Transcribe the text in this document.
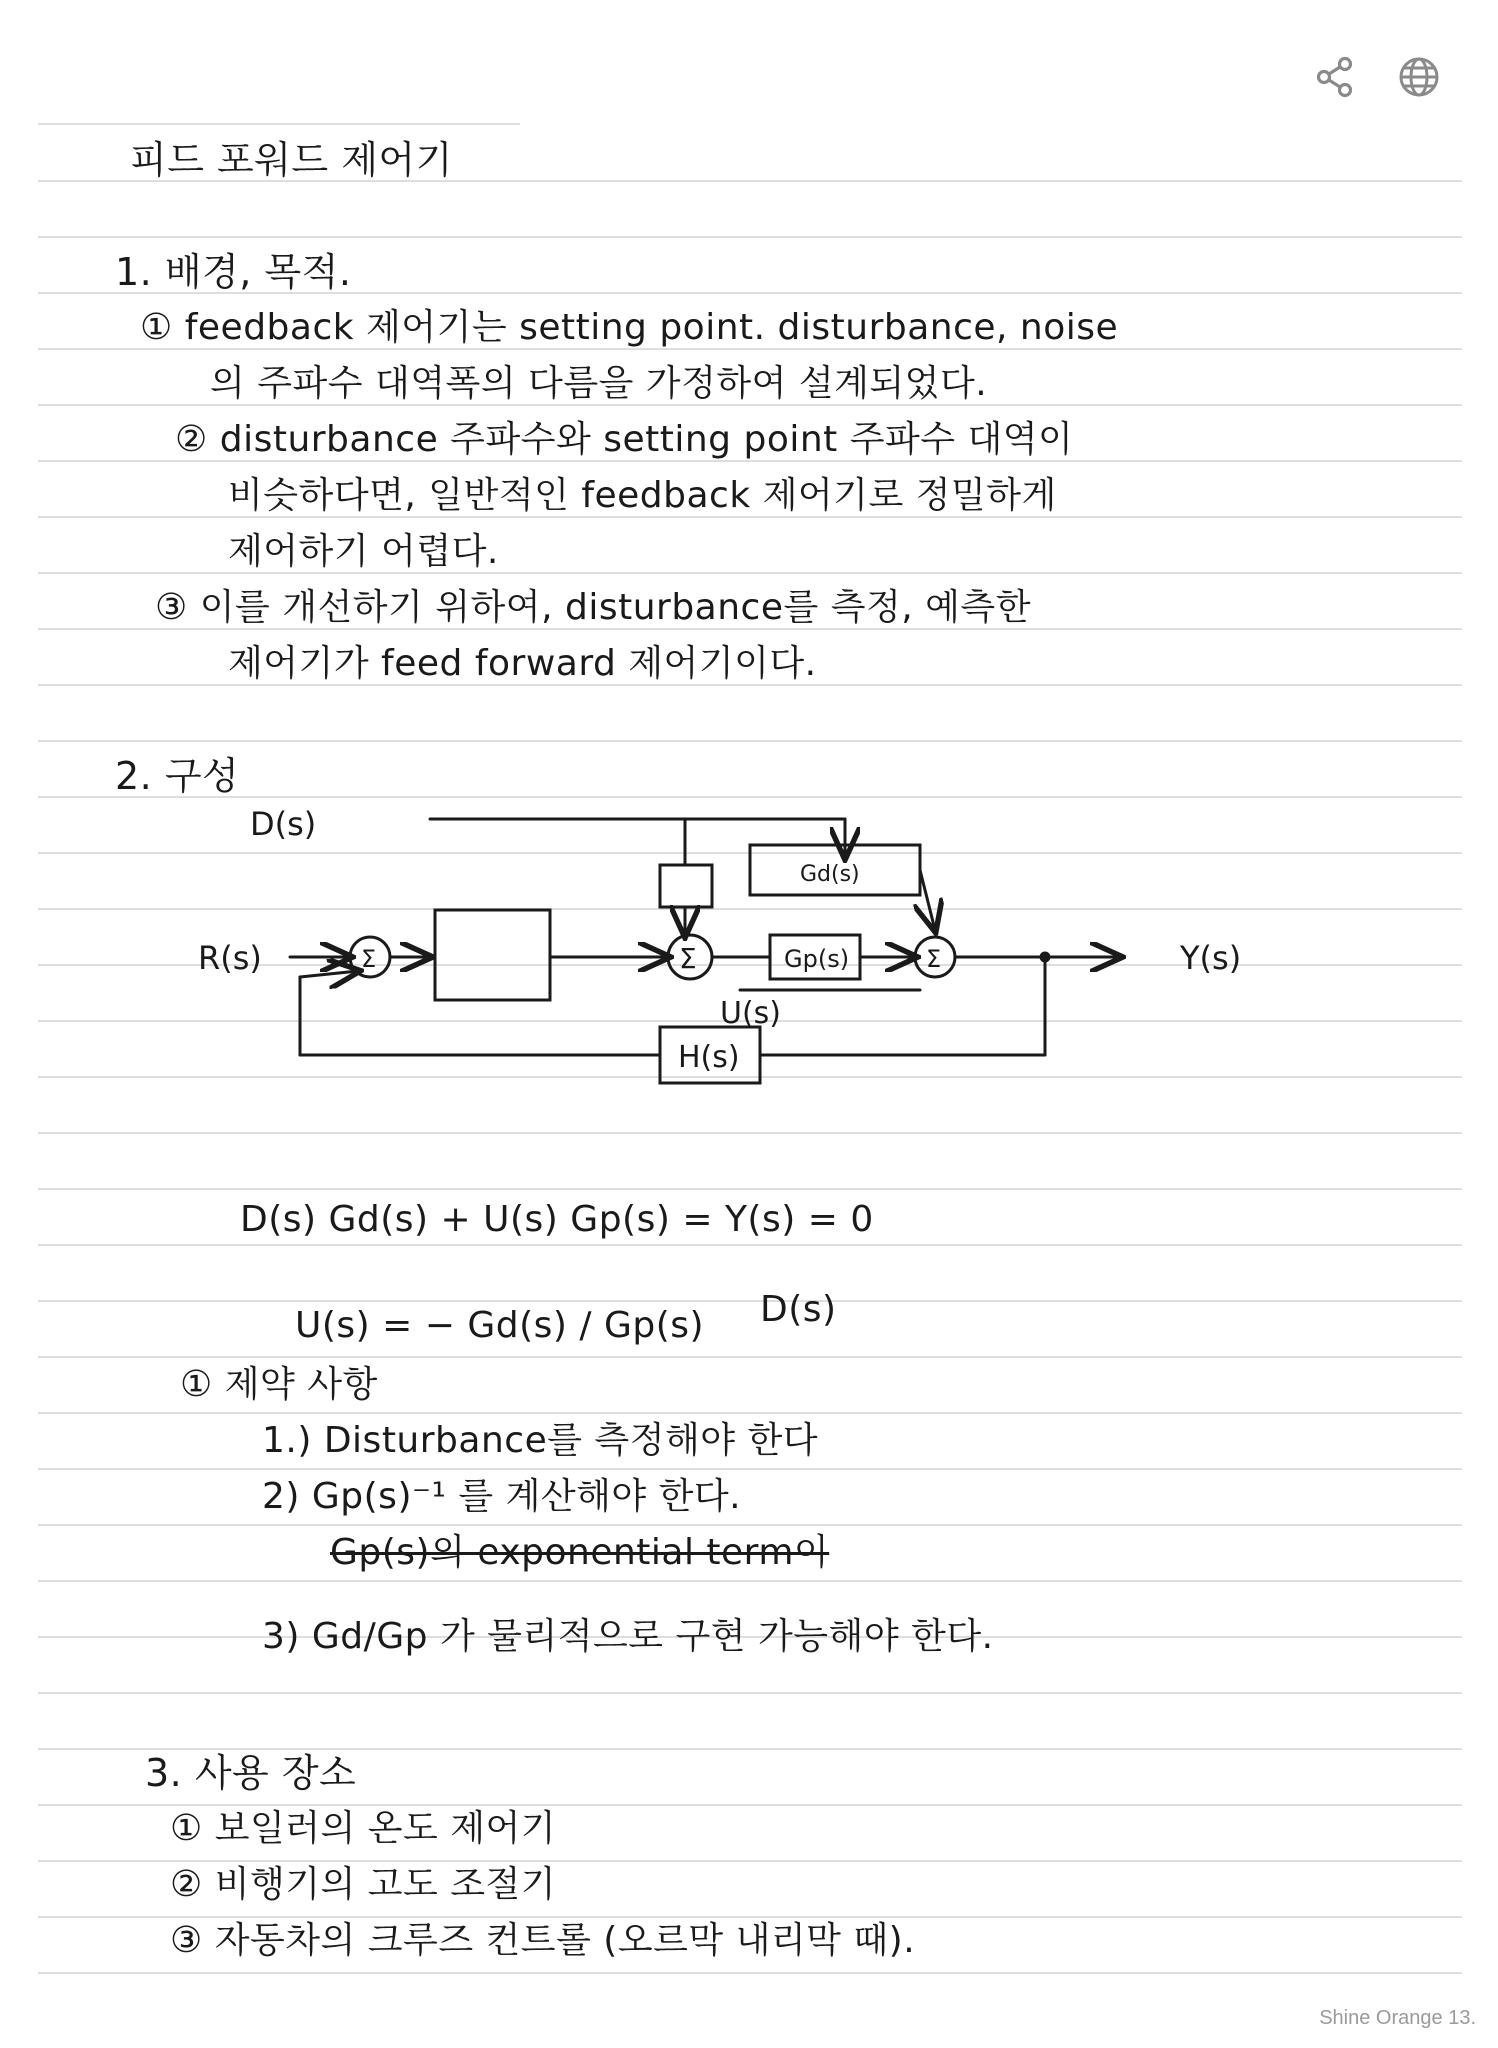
피드 포워드 제어기
1. 배경, 목적.
① feedback 제어기는 setting point. disturbance, noise
의 주파수 대역폭의 다름을 가정하여 설계되었다.
② disturbance 주파수와 setting point 주파수 대역이
비슷하다면, 일반적인 feedback 제어기로 정밀하게
제어하기 어렵다.
③ 이를 개선하기 위하여, disturbance를 측정, 예측한
제어기가 feed forward 제어기이다.
2. 구성
D(s)
R(s)	Y(s)
U(s)
Gd(s)
Gp(s)
H(s)
Σ	Σ	Σ
D(s) Gd(s) + U(s) Gp(s) = Y(s) = 0
U(s) = − Gd(s) / Gp(s) D(s)
① 제약 사항
1.) Disturbance를 측정해야 한다
2) Gp(s)⁻¹ 를 계산해야 한다.
Gp(s)의 exponential term이
3) Gd/Gp 가 물리적으로 구현 가능해야 한다.
3. 사용 장소
① 보일러의 온도 제어기
② 비행기의 고도 조절기
③ 자동차의 크루즈 컨트롤 (오르막 내리막 때).
Shine Orange 13.
